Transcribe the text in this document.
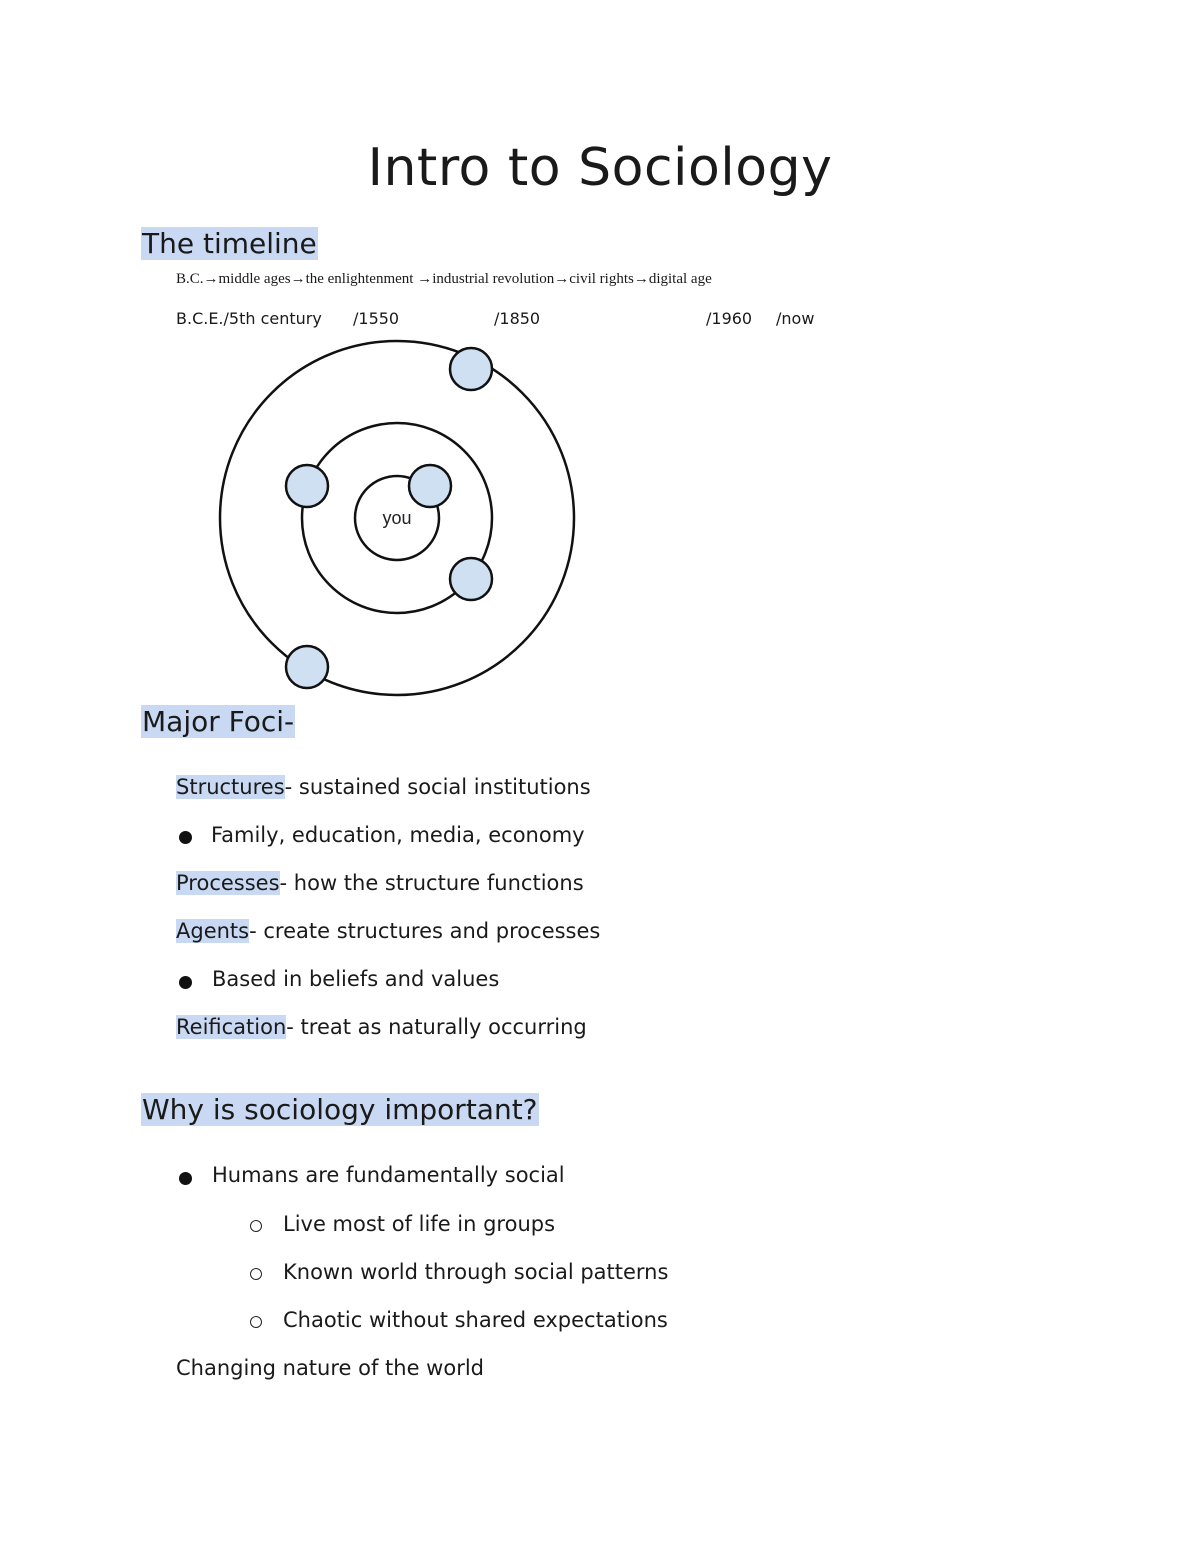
Intro to Sociology
The timeline
B.C.→middle ages→the enlightenment →industrial revolution→civil rights→digital age
B.C.E./5th century /1550	/1850	/1960 /now
you
Major Foci-
Structures- sustained social institutions
Family, education, media, economy
Processes- how the structure functions
Agents- create structures and processes
Based in beliefs and values
Reification- treat as naturally occurring
Why is sociology important?
Humans are fundamentally social
Live most of life in groups
Known world through social patterns
Chaotic without shared expectations
Changing nature of the world
